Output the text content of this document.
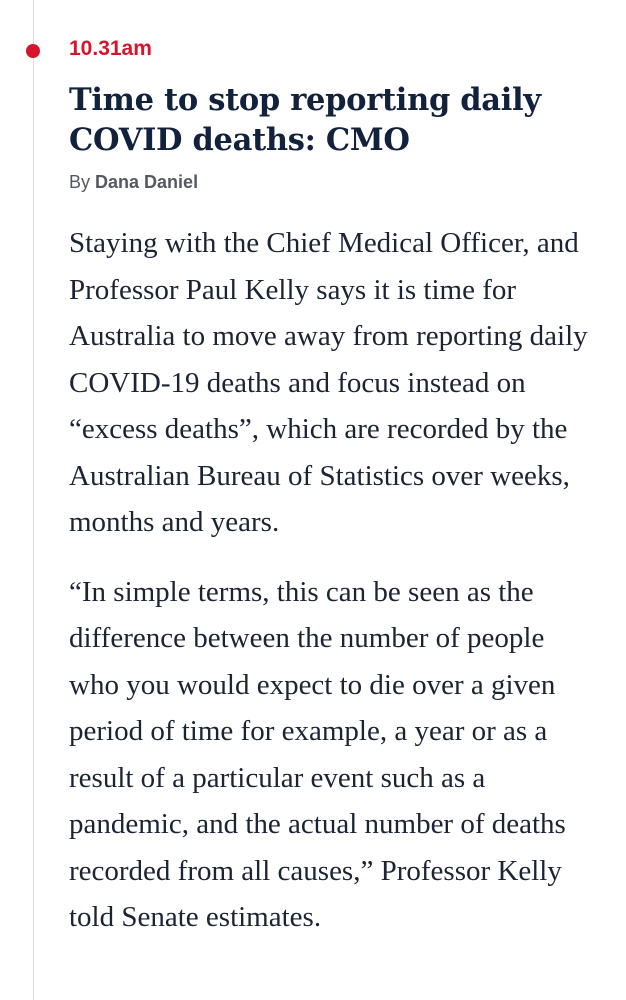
10.31am

Time to stop reporting daily COVID deaths: CMO

By Dana Daniel

Staying with the Chief Medical Officer, and Professor Paul Kelly says it is time for Australia to move away from reporting daily COVID-19 deaths and focus instead on “excess deaths”, which are recorded by the Australian Bureau of Statistics over weeks, months and years.

“In simple terms, this can be seen as the difference between the number of people who you would expect to die over a given period of time for example, a year or as a result of a particular event such as a pandemic, and the actual number of deaths recorded from all causes,” Professor Kelly told Senate estimates.
